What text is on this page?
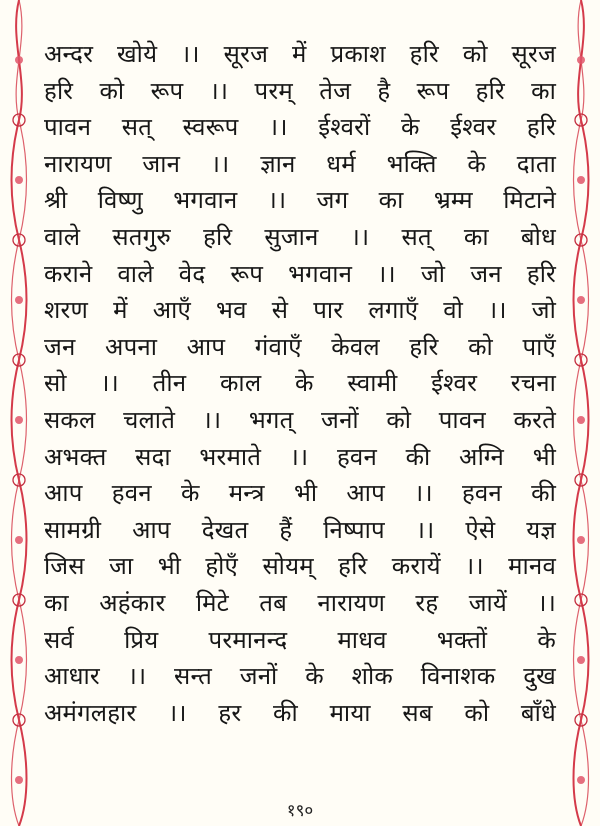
अन्दर खोये ।। सूरज में प्रकाश हरि को सूरज
हरि को रूप ।। परम् तेज है रूप हरि का
पावन सत् स्वरूप ।। ईश्वरों के ईश्वर हरि
नारायण जान ।। ज्ञान धर्म भक्ति के दाता
श्री विष्णु भगवान ।। जग का भ्रम्म मिटाने
वाले सतगुरु हरि सुजान ।। सत् का बोध
कराने वाले वेद रूप भगवान ।। जो जन हरि
शरण में आएँ भव से पार लगाएँ वो ।। जो
जन अपना आप गंवाएँ केवल हरि को पाएँ
सो ।। तीन काल के स्वामी ईश्वर रचना
सकल चलाते ।। भगत् जनों को पावन करते
अभक्त सदा भरमाते ।। हवन की अग्नि भी
आप हवन के मन्त्र भी आप ।। हवन की
सामग्री आप देखत हैं निष्पाप ।। ऐसे यज्ञ
जिस जा भी होएँ सोयम् हरि करायें ।। मानव
का अहंकार मिटे तब नारायण रह जायें ।।
सर्व प्रिय परमानन्द माधव भक्तों के
आधार ।। सन्त जनों के शोक विनाशक दुख
अमंगलहार ।। हर की माया सब को बाँधे
१९०
